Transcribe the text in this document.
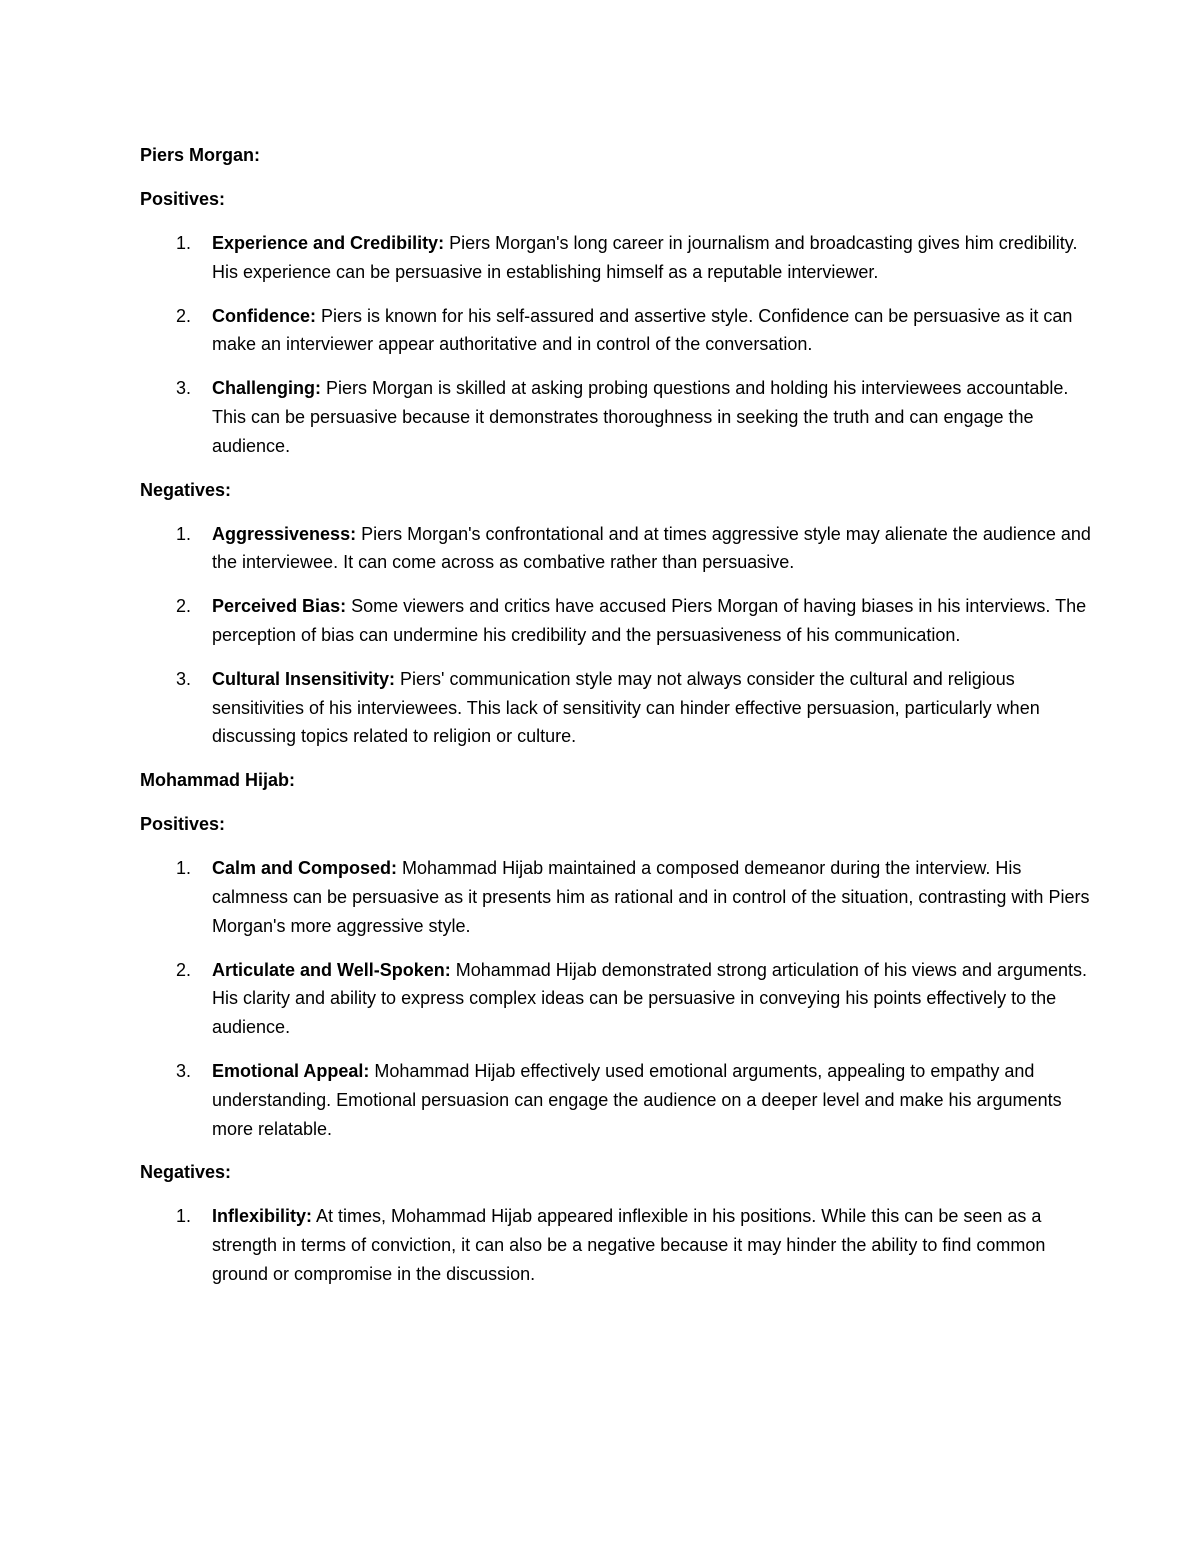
Piers Morgan:
Positives:
1. Experience and Credibility: Piers Morgan's long career in journalism and broadcasting gives him credibility. His experience can be persuasive in establishing himself as a reputable interviewer.
2. Confidence: Piers is known for his self-assured and assertive style. Confidence can be persuasive as it can make an interviewer appear authoritative and in control of the conversation.
3. Challenging: Piers Morgan is skilled at asking probing questions and holding his interviewees accountable. This can be persuasive because it demonstrates thoroughness in seeking the truth and can engage the audience.
Negatives:
1. Aggressiveness: Piers Morgan's confrontational and at times aggressive style may alienate the audience and the interviewee. It can come across as combative rather than persuasive.
2. Perceived Bias: Some viewers and critics have accused Piers Morgan of having biases in his interviews. The perception of bias can undermine his credibility and the persuasiveness of his communication.
3. Cultural Insensitivity: Piers' communication style may not always consider the cultural and religious sensitivities of his interviewees. This lack of sensitivity can hinder effective persuasion, particularly when discussing topics related to religion or culture.
Mohammad Hijab:
Positives:
1. Calm and Composed: Mohammad Hijab maintained a composed demeanor during the interview. His calmness can be persuasive as it presents him as rational and in control of the situation, contrasting with Piers Morgan's more aggressive style.
2. Articulate and Well-Spoken: Mohammad Hijab demonstrated strong articulation of his views and arguments. His clarity and ability to express complex ideas can be persuasive in conveying his points effectively to the audience.
3. Emotional Appeal: Mohammad Hijab effectively used emotional arguments, appealing to empathy and understanding. Emotional persuasion can engage the audience on a deeper level and make his arguments more relatable.
Negatives:
1. Inflexibility: At times, Mohammad Hijab appeared inflexible in his positions. While this can be seen as a strength in terms of conviction, it can also be a negative because it may hinder the ability to find common ground or compromise in the discussion.
